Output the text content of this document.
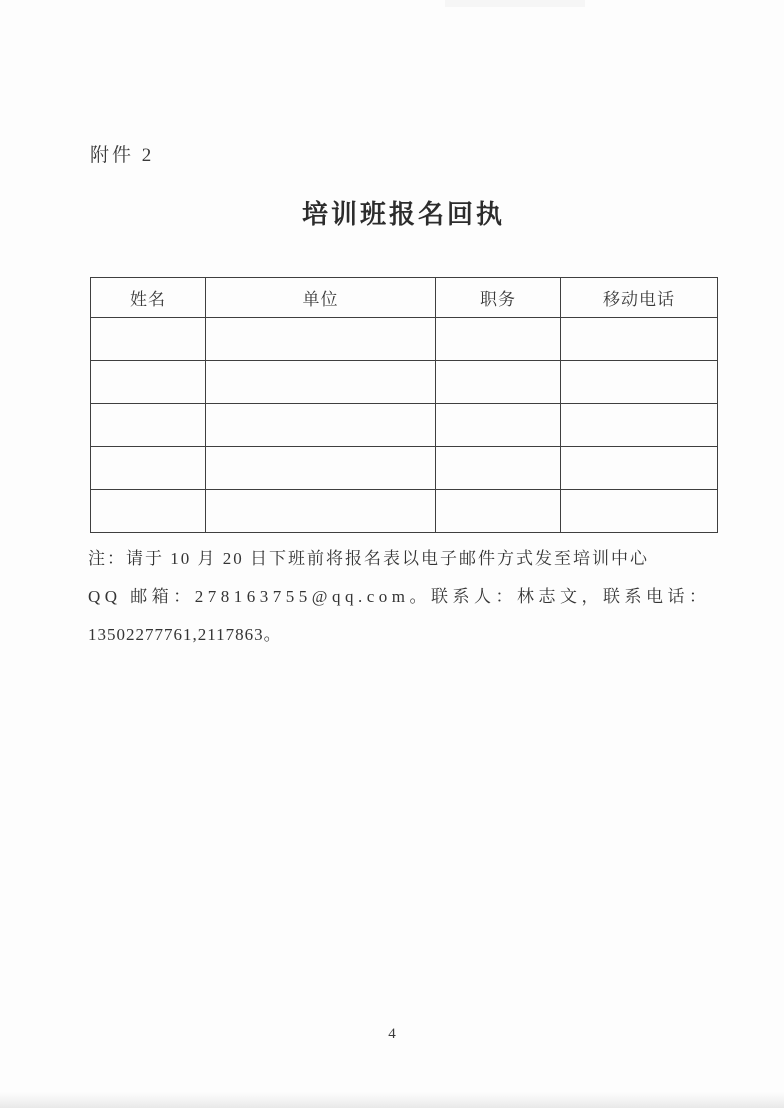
附件 2
培训班报名回执
姓名	单位	职务	移动电话

注：请于 10 月 20 日下班前将报名表以电子邮件方式发至培训中心
QQ 邮箱：278163755@qq.com。联系人：林志文，联系电话：
13502277761,2117863。
4
